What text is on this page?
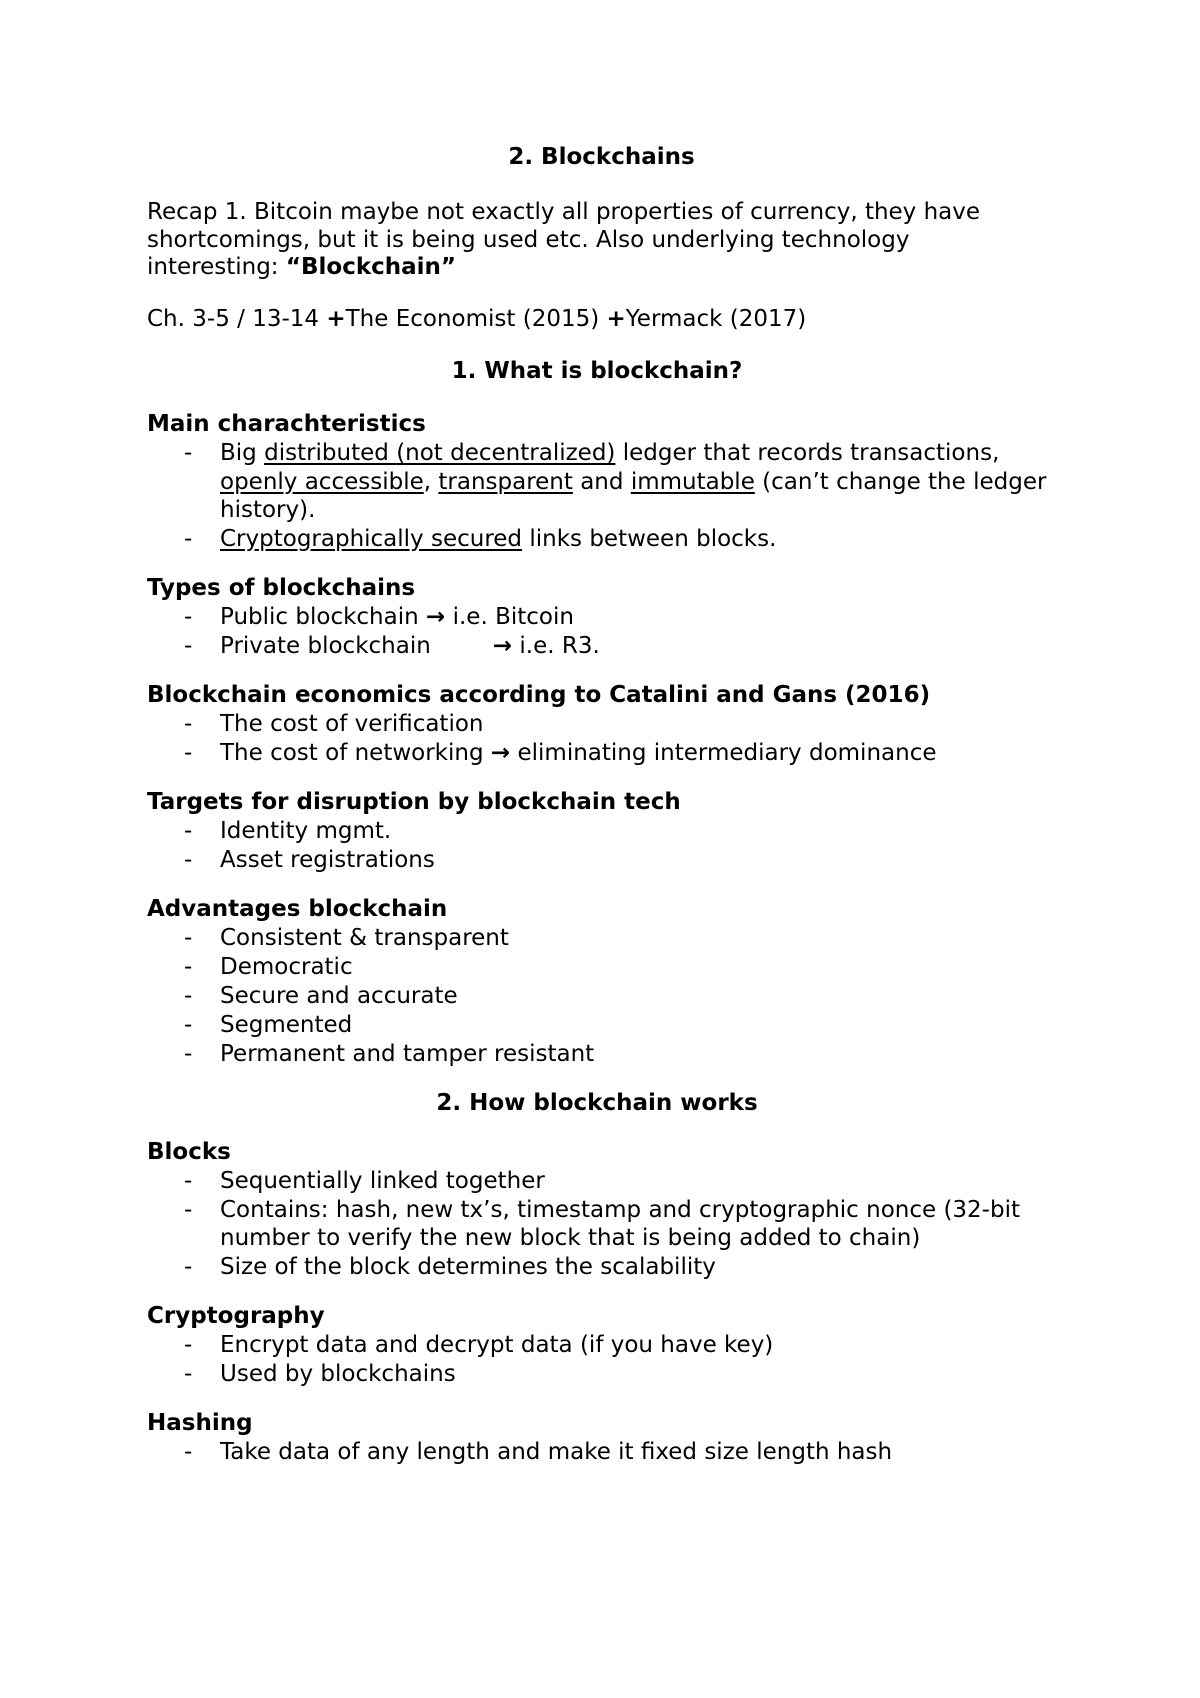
2. Blockchains

Recap 1. Bitcoin maybe not exactly all properties of currency, they have shortcomings, but it is being used etc. Also underlying technology interesting: “Blockchain”

Ch. 3-5 / 13-14 +The Economist (2015) +Yermack (2017)

1. What is blockchain?
Main charachteristics
- Big distributed (not decentralized) ledger that records transactions, openly accessible, transparent and immutable (can’t change the ledger history).
- Cryptographically secured links between blocks.
Types of blockchains
- Public blockchain → i.e. Bitcoin
- Private blockchain	→ i.e. R3.
Blockchain economics according to Catalini and Gans (2016)
- The cost of verification
- The cost of networking → eliminating intermediary dominance
Targets for disruption by blockchain tech
- Identity mgmt.
- Asset registrations
Advantages blockchain
- Consistent & transparent
- Democratic
- Secure and accurate
- Segmented
- Permanent and tamper resistant
2. How blockchain works
Blocks
- Sequentially linked together
- Contains: hash, new tx’s, timestamp and cryptographic nonce (32-bit number to verify the new block that is being added to chain)
- Size of the block determines the scalability
Cryptography
- Encrypt data and decrypt data (if you have key)
- Used by blockchains
Hashing
- Take data of any length and make it fixed size length hash
